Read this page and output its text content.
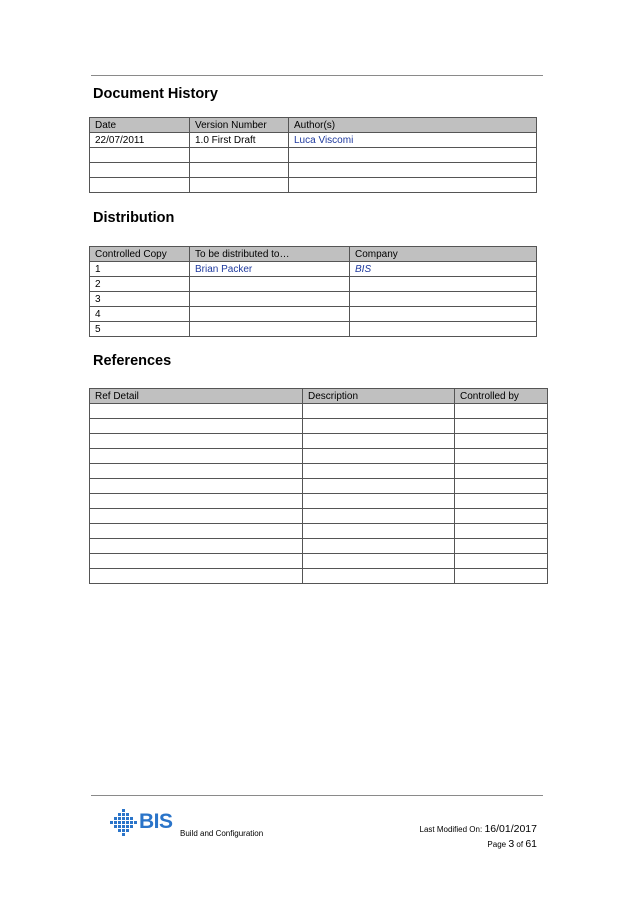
Document History
Date	Version Number	Author(s)
22/07/2011	1.0 First Draft	Luca Viscomi

Distribution
Controlled Copy	To be distributed to…	Company
1	Brian Packer	BIS
2		
3		
4		
5		
References
Ref Detail	Description	Controlled by

BIS
Build and Configuration	Last Modified On: 16/01/2017
Page 3 of 61
